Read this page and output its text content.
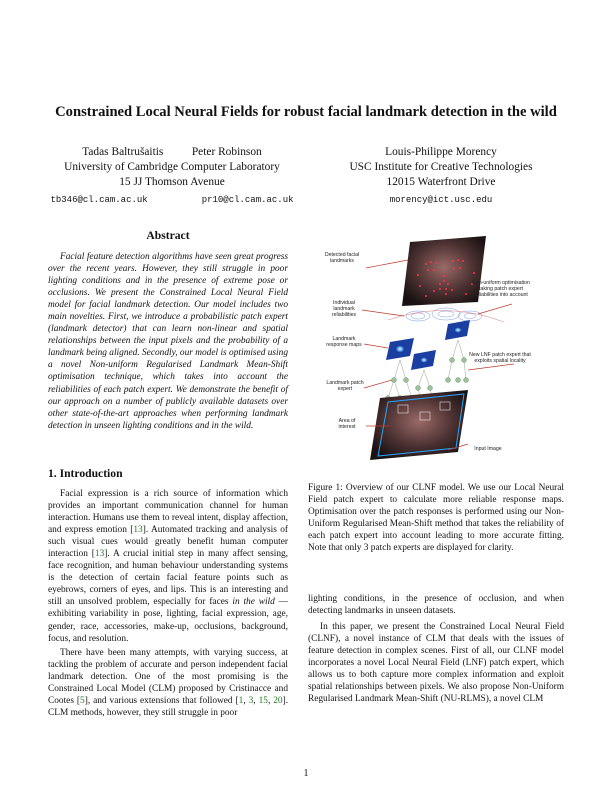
Constrained Local Neural Fields for robust facial landmark detection in the wild
Tadas Baltrušaitis          Peter Robinson
University of Cambridge Computer Laboratory
15 JJ Thomson Avenue
tb346@cl.cam.ac.uk          pr10@cl.cam.ac.uk
Louis-Philippe Morency
USC Institute for Creative Technologies
12015 Waterfront Drive
morency@ict.usc.edu
Abstract
Facial feature detection algorithms have seen great progress over the recent years. However, they still struggle in poor lighting conditions and in the presence of extreme pose or occlusions. We present the Constrained Local Neural Field model for facial landmark detection. Our model includes two main novelties. First, we introduce a probabilistic patch expert (landmark detector) that can learn non-linear and spatial relationships between the input pixels and the probability of a landmark being aligned. Secondly, our model is optimised using a novel Non-uniform Regularised Landmark Mean-Shift optimisation technique, which takes into account the reliabilities of each patch expert. We demonstrate the benefit of our approach on a number of publicly available datasets over other state-of-the-art approaches when performing landmark detection in unseen lighting conditions and in the wild.
1. Introduction

Facial expression is a rich source of information which provides an important communication channel for human interaction. Humans use them to reveal intent, display affection, and express emotion [13]. Automated tracking and analysis of such visual cues would greatly benefit human computer interaction [13]. A crucial initial step in many affect sensing, face recognition, and human behaviour understanding systems is the detection of certain facial feature points such as eyebrows, corners of eyes, and lips. This is an interesting and still an unsolved problem, especially for faces in the wild — exhibiting variability in pose, lighting, facial expression, age, gender, race, accessories, make-up, occlusions, background, focus, and resolution.

There have been many attempts, with varying success, at tackling the problem of accurate and person independent facial landmark detection. One of the most promising is the Constrained Local Model (CLM) proposed by Cristinacce and Cootes [5], and various extensions that followed [1, 3, 15, 20]. CLM methods, however, they still struggle in poor

Detected facial landmarks
Non-uniform optimisation taking patch expert reliabilities into account
Individual landmark reliabilities
Landmark response maps
New LNF patch expert that exploits spatial locality
Landmark patch expert
Area of interest
Input Image
Figure 1: Overview of our CLNF model. We use our Local Neural Field patch expert to calculate more reliable response maps. Optimisation over the patch responses is performed using our Non-Uniform Regularised Mean-Shift method that takes the reliability of each patch expert into account leading to more accurate fitting. Note that only 3 patch experts are displayed for clarity.

lighting conditions, in the presence of occlusion, and when detecting landmarks in unseen datasets.

In this paper, we present the Constrained Local Neural Field (CLNF), a novel instance of CLM that deals with the issues of feature detection in complex scenes. First of all, our CLNF model incorporates a novel Local Neural Field (LNF) patch expert, which allows us to both capture more complex information and exploit spatial relationships between pixels. We also propose Non-Uniform Regularised Landmark Mean-Shift (NU-RLMS), a novel CLM

1
